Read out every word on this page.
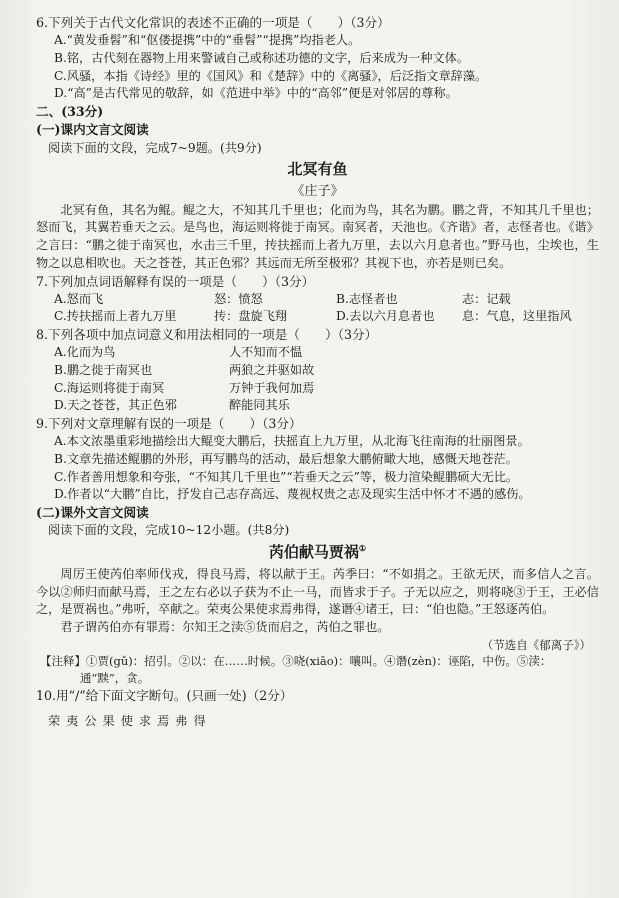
6.下列关于古代文化常识的表述不正确的一项是（　　）（3分）
A.“黄发垂髫”和“伛偻提携”中的“垂髫”“提携”均指老人。
B.铭，古代刻在器物上用来警诫自己或称述功德的文字，后来成为一种文体。
C.风骚，本指《诗经》里的《国风》和《楚辞》中的《离骚》，后泛指文章辞藻。
D.“高”是古代常见的敬辞，如《范进中举》中的“高邻”便是对邻居的尊称。
二、(33分)
(一)课内文言文阅读
阅读下面的文段，完成7~9题。(共9分)
北冥有鱼
《庄子》
北冥有鱼，其名为鲲。鲲之大，不知其几千里也；化而为鸟，其名为鹏。鹏之背，不知其几千里也；怒而飞，其翼若垂天之云。是鸟也，海运则将徙于南冥。南冥者，天池也。《齐谐》者，志怪者也。《谐》之言曰：“鹏之徙于南冥也，水击三千里，抟扶摇而上者九万里，去以六月息者也。”野马也，尘埃也，生物之以息相吹也。天之苍苍，其正色邪？其远而无所至极邪？其视下也，亦若是则已矣。
7.下列加点词语解释有误的一项是（　　）（3分）
A.怒而飞	怒：愤怒	B.志怪者也	志：记载
C.抟扶摇而上者九万里	抟：盘旋飞翔	D.去以六月息者也	息：气息，这里指风
8.下列各项中加点词意义和用法相同的一项是（　　）（3分）
A.化而为鸟	人不知而不愠
B.鹏之徙于南冥也	两狼之并驱如故
C.海运则将徙于南冥	万钟于我何加焉
D.天之苍苍，其正色邪	醉能同其乐
9.下列对文章理解有误的一项是（　　）（3分）
A.本文浓墨重彩地描绘出大鲲变大鹏后，扶摇直上九万里，从北海飞往南海的壮丽图景。
B.文章先描述鲲鹏的外形，再写鹏鸟的活动，最后想象大鹏俯瞰大地，感慨天地苍茫。
C.作者善用想象和夸张，“不知其几千里也”“若垂天之云”等，极力渲染鲲鹏硕大无比。
D.作者以“大鹏”自比，抒发自己志存高远、蔑视权贵之志及现实生活中怀才不遇的感伤。
(二)课外文言文阅读
阅读下面的文段，完成10~12小题。(共8分)
芮伯献马贾祸①
周厉王使芮伯率师伐戎，得良马焉，将以献于王。芮季曰：“不如捐之。王欲无厌，而多信人之言。今以②师归而献马焉，王之左右必以子获为不止一马，而皆求于子。子无以应之，则将哓③于王，王必信之，是贾祸也。”弗听，卒献之。荣夷公果使求焉弗得，遂谮④诸王，曰：“伯也隐。”王怒逐芮伯。
君子谓芮伯亦有罪焉：尔知王之渎⑤货而启之，芮伯之罪也。
（节选自《郁离子》）
【注释】①贾(gǔ)：招引。②以：在……时候。③哓(xiāo)：嚷叫。④谮(zèn)：诬陷，中伤。⑤渎：
通“黩”，贪。
10.用“/”给下面文字断句。(只画一处)（2分）
荣夷公果使求焉弗得
